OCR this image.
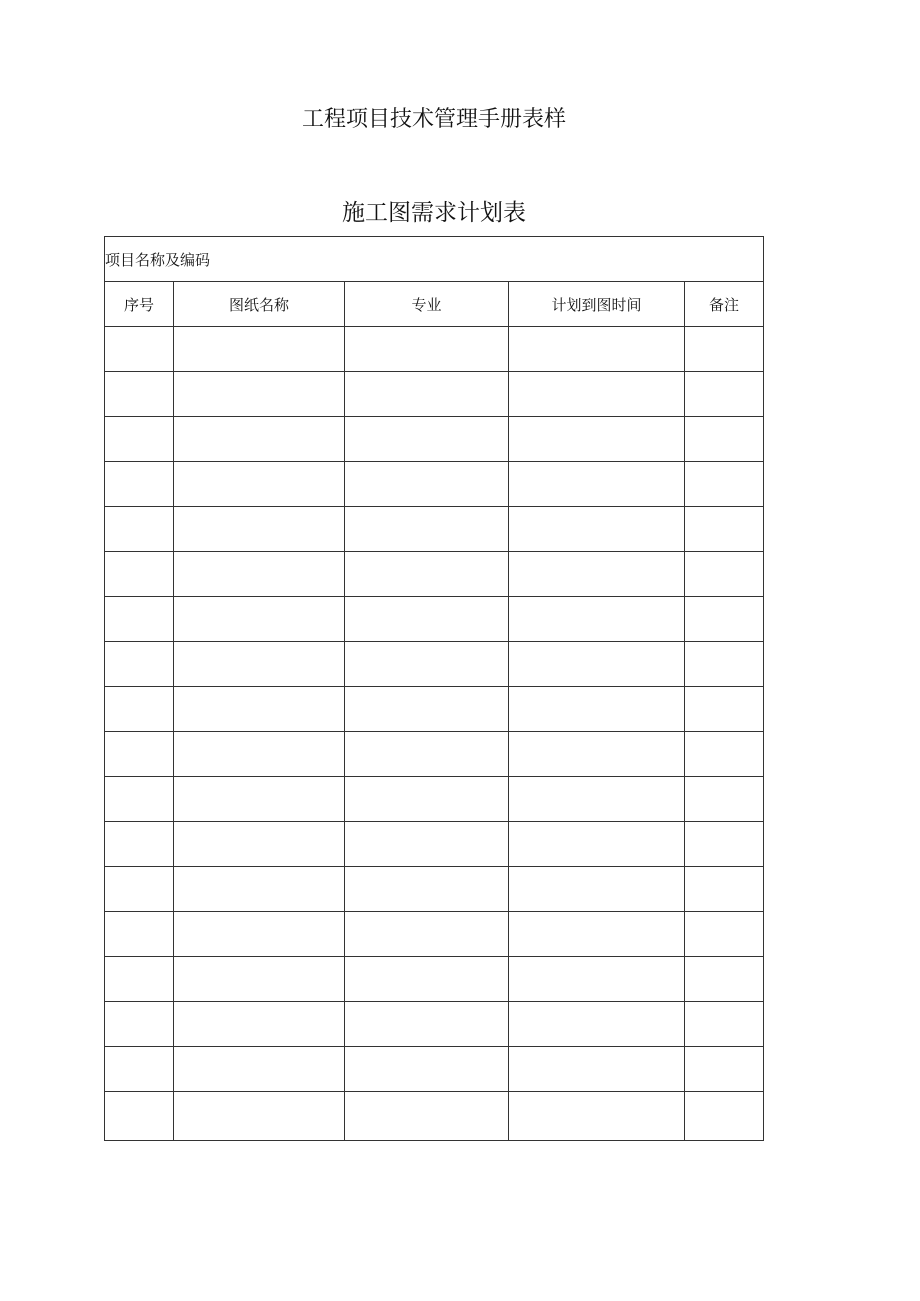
工程项目技术管理手册表样
施工图需求计划表
项目名称及编码				
序号	图纸名称	专业	计划到图时间	备注
